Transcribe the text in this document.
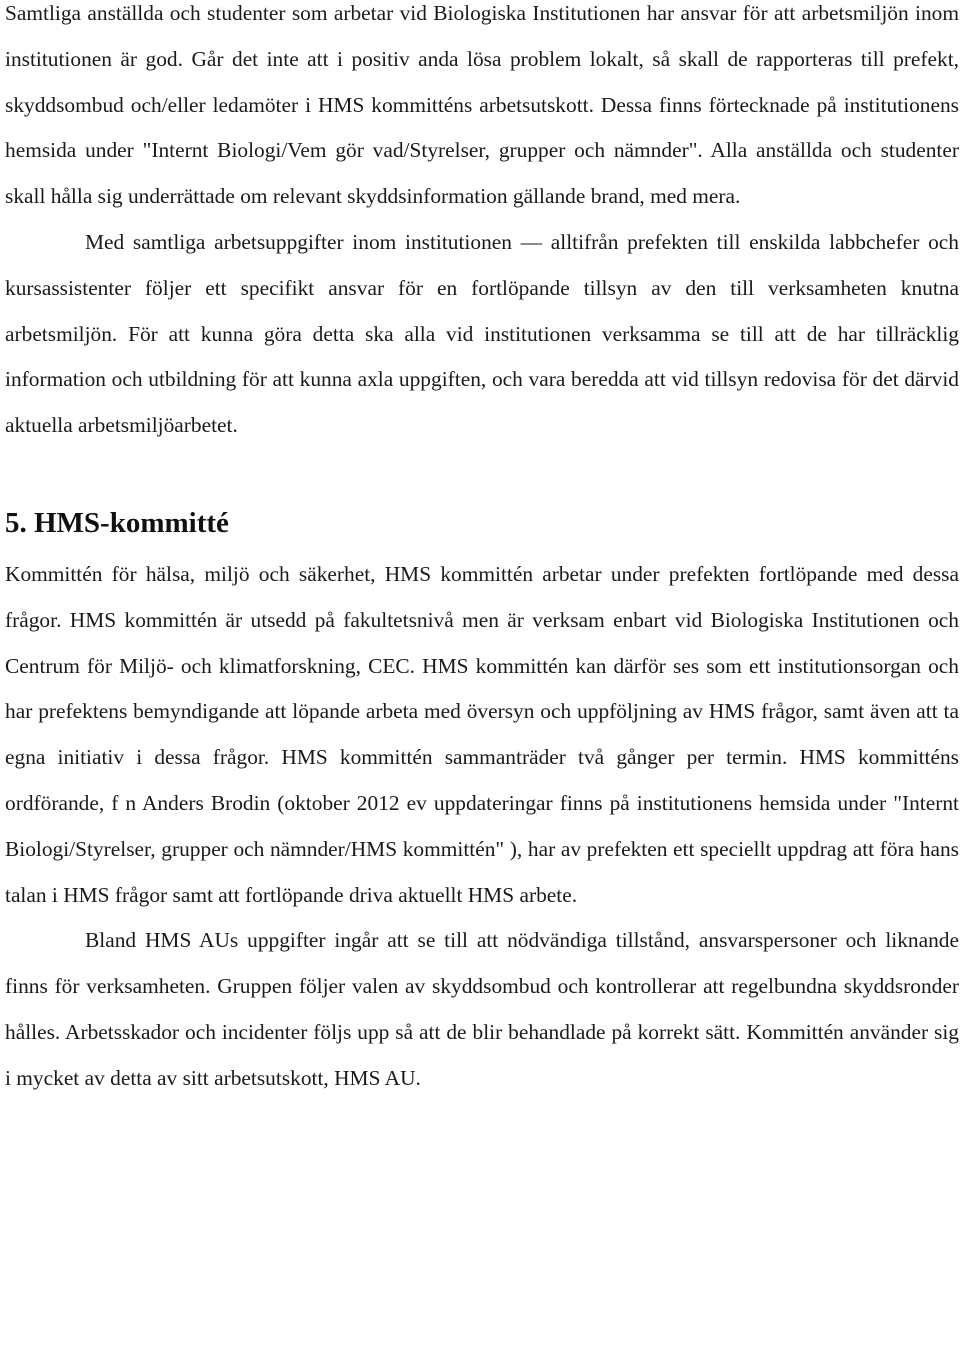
Samtliga anställda och studenter som arbetar vid Biologiska Institutionen har ansvar för att arbetsmiljön inom institutionen är god. Går det inte att i positiv anda lösa problem lokalt, så skall de rapporteras till prefekt, skyddsombud och/eller ledamöter i HMS kommitténs arbetsutskott. Dessa finns förtecknade på institutionens hemsida under "Internt Biologi/Vem gör vad/Styrelser, grupper och nämnder". Alla anställda och studenter skall hålla sig underrättade om relevant skyddsinformation gällande brand, med mera.

Med samtliga arbetsuppgifter inom institutionen — alltifrån prefekten till enskilda labbchefer och kursassistenter följer ett specifikt ansvar för en fortlöpande tillsyn av den till verksamheten knutna arbetsmiljön. För att kunna göra detta ska alla vid institutionen verksamma se till att de har tillräcklig information och utbildning för att kunna axla uppgiften, och vara beredda att vid tillsyn redovisa för det därvid aktuella arbetsmiljöarbetet.

5. HMS-kommitté

Kommittén för hälsa, miljö och säkerhet, HMS kommittén arbetar under prefekten fortlöpande med dessa frågor. HMS kommittén är utsedd på fakultetsnivå men är verksam enbart vid Biologiska Institutionen och Centrum för Miljö- och klimatforskning, CEC. HMS kommittén kan därför ses som ett institutionsorgan och har prefektens bemyndigande att löpande arbeta med översyn och uppföljning av HMS frågor, samt även att ta egna initiativ i dessa frågor. HMS kommittén sammanträder två gånger per termin. HMS kommitténs ordförande, f n Anders Brodin (oktober 2012 ev uppdateringar finns på institutionens hemsida under "Internt Biologi/Styrelser, grupper och nämnder/HMS kommittén" ), har av prefekten ett speciellt uppdrag att föra hans talan i HMS frågor samt att fortlöpande driva aktuellt HMS arbete.

Bland HMS AUs uppgifter ingår att se till att nödvändiga tillstånd, ansvarspersoner och liknande finns för verksamheten. Gruppen följer valen av skyddsombud och kontrollerar att regelbundna skyddsronder hålles. Arbetsskador och incidenter följs upp så att de blir behandlade på korrekt sätt. Kommittén använder sig i mycket av detta av sitt arbetsutskott, HMS AU.
